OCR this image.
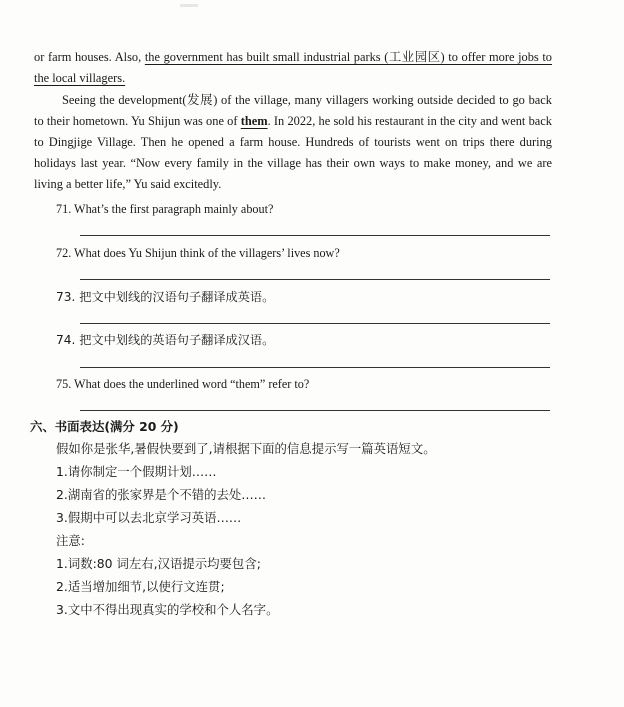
or farm houses. Also, the government has built small industrial parks (工业园区) to offer more jobs to the local villagers.
Seeing the development(发展) of the village, many villagers working outside decided to go back to their hometown. Yu Shijun was one of them. In 2022, he sold his restaurant in the city and went back to Dingjige Village. Then he opened a farm house. Hundreds of tourists went on trips there during holidays last year. “Now every family in the village has their own ways to make money, and we are living a better life,” Yu said excitedly.
71. What’s the first paragraph mainly about?
72. What does Yu Shijun think of the villagers’ lives now?
73. 把文中划线的汉语句子翻译成英语。
74. 把文中划线的英语句子翻译成汉语。
75. What does the underlined word “them” refer to?
六、书面表达(满分 20 分)
假如你是张华,暑假快要到了,请根据下面的信息提示写一篇英语短文。
1.请你制定一个假期计划……
2.湖南省的张家界是个不错的去处……
3.假期中可以去北京学习英语……
注意:
1.词数:80 词左右,汉语提示均要包含;
2.适当增加细节,以使行文连贯;
3.文中不得出现真实的学校和个人名字。
